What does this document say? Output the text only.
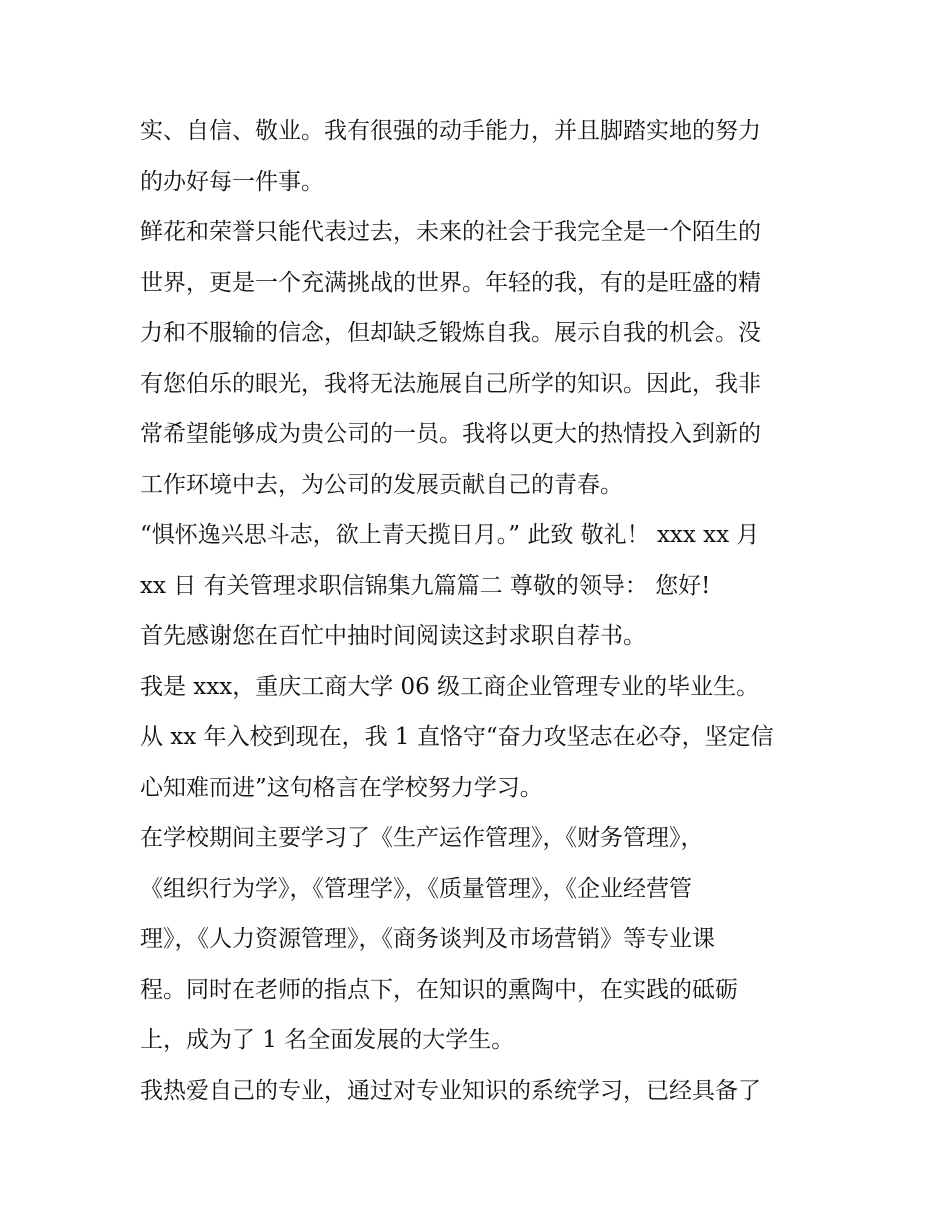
实、自信、敬业。我有很强的动手能力，并且脚踏实地的努力

的办好每一件事。

鲜花和荣誉只能代表过去，未来的社会于我完全是一个陌生的

世界，更是一个充满挑战的世界。年轻的我，有的是旺盛的精

力和不服输的信念，但却缺乏锻炼自我。展示自我的机会。没

有您伯乐的眼光，我将无法施展自己所学的知识。因此，我非

常希望能够成为贵公司的一员。我将以更大的热情投入到新的

工作环境中去，为公司的发展贡献自己的青春。

“惧怀逸兴思斗志，欲上青天揽日月。” 此致 敬礼！ xxx xx 月

xx 日 有关管理求职信锦集九篇篇二 尊敬的领导： 您好!

首先感谢您在百忙中抽时间阅读这封求职自荐书。

我是 xxx，重庆工商大学 06 级工商企业管理专业的毕业生。

从 xx 年入校到现在，我 1 直恪守“奋力攻坚志在必夺，坚定信

心知难而进”这句格言在学校努力学习。

在学校期间主要学习了《生产运作管理》，《财务管理》，

《组织行为学》，《管理学》，《质量管理》，《企业经营管

理》，《人力资源管理》，《商务谈判及市场营销》等专业课

程。同时在老师的指点下，在知识的熏陶中，在实践的砥砺

上，成为了 1 名全面发展的大学生。

我热爱自己的专业，通过对专业知识的系统学习，已经具备了
